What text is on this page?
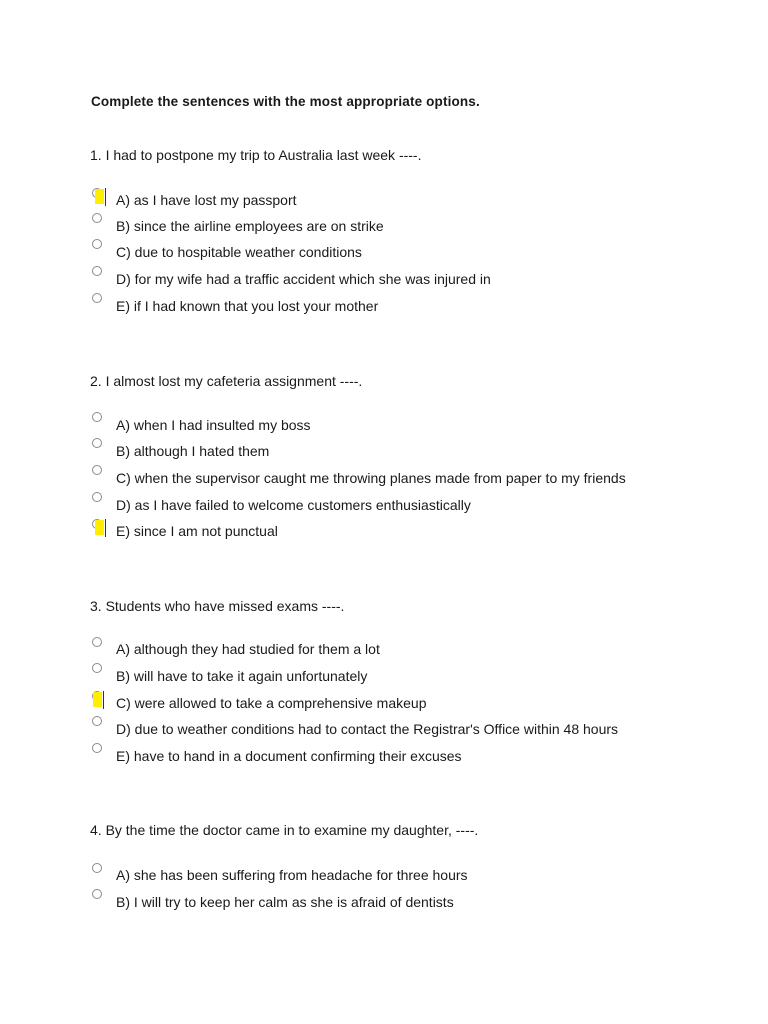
Complete the sentences with the most appropriate options.
1. I had to postpone my trip to Australia last week ----.
A) as I have lost my passport
B) since the airline employees are on strike
C) due to hospitable weather conditions
D) for my wife had a traffic accident which she was injured in
E) if I had known that you lost your mother
2. I almost lost my cafeteria assignment ----.
A) when I had insulted my boss
B) although I hated them
C) when the supervisor caught me throwing planes made from paper to my friends
D) as I have failed to welcome customers enthusiastically
E) since I am not punctual
3. Students who have missed exams ----.
A) although they had studied for them a lot
B) will have to take it again unfortunately
C) were allowed to take a comprehensive makeup
D) due to weather conditions had to contact the Registrar's Office within 48 hours
E) have to hand in a document confirming their excuses
4. By the time the doctor came in to examine my daughter, ----.
A) she has been suffering from headache for three hours
B) I will try to keep her calm as she is afraid of dentists
